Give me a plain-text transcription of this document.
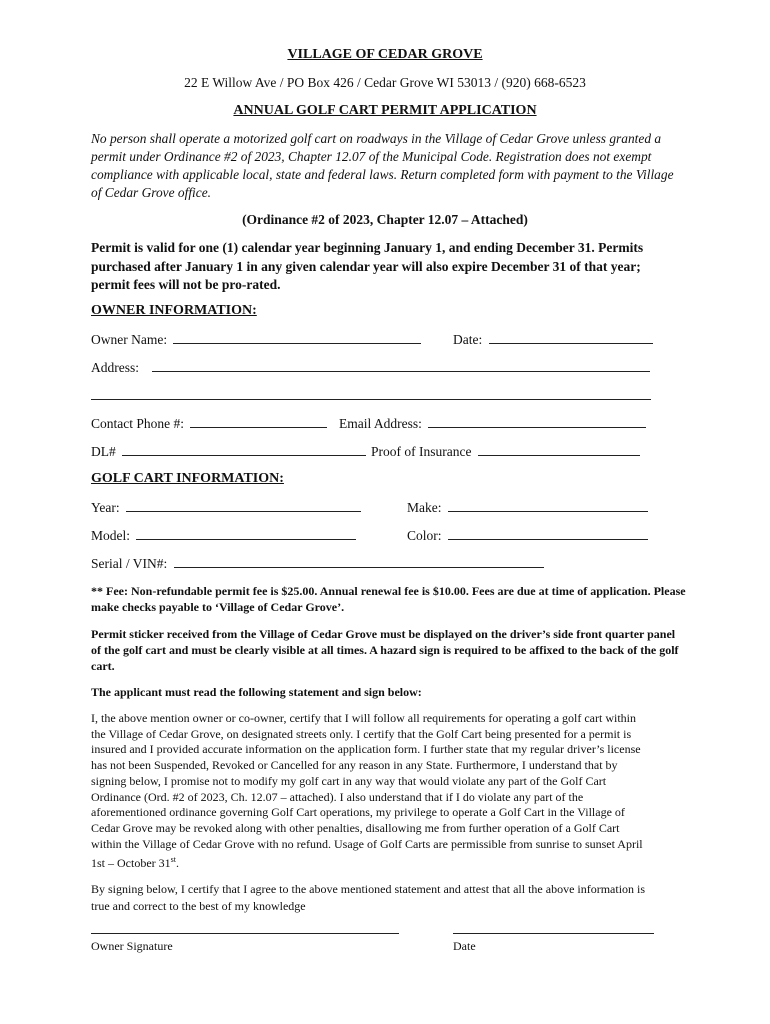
VILLAGE OF CEDAR GROVE
22 E Willow Ave / PO Box 426 / Cedar Grove WI 53013 / (920) 668-6523
ANNUAL GOLF CART PERMIT APPLICATION
No person shall operate a motorized golf cart on roadways in the Village of Cedar Grove unless granted a permit under Ordinance #2 of 2023, Chapter 12.07 of the Municipal Code. Registration does not exempt compliance with applicable local, state and federal laws. Return completed form with payment to the Village of Cedar Grove office.
(Ordinance #2 of 2023, Chapter 12.07 – Attached)
Permit is valid for one (1) calendar year beginning January 1, and ending December 31. Permits purchased after January 1 in any given calendar year will also expire December 31 of that year; permit fees will not be pro-rated.
OWNER INFORMATION:
Owner Name:	Date:
Address:
Contact Phone #:	Email Address:
DL#	Proof of Insurance
GOLF CART INFORMATION:
Year:	Make:
Model:	Color:
Serial / VIN#:
** Fee: Non-refundable permit fee is $25.00. Annual renewal fee is $10.00. Fees are due at time of application. Please make checks payable to ‘Village of Cedar Grove’.
Permit sticker received from the Village of Cedar Grove must be displayed on the driver’s side front quarter panel of the golf cart and must be clearly visible at all times. A hazard sign is required to be affixed to the back of the golf cart.
The applicant must read the following statement and sign below:
I, the above mention owner or co-owner, certify that I will follow all requirements for operating a golf cart within
the Village of Cedar Grove, on designated streets only. I certify that the Golf Cart being presented for a permit is
insured and I provided accurate information on the application form. I further state that my regular driver’s license
has not been Suspended, Revoked or Cancelled for any reason in any State. Furthermore, I understand that by
signing below, I promise not to modify my golf cart in any way that would violate any part of the Golf Cart
Ordinance (Ord. #2 of 2023, Ch. 12.07 – attached). I also understand that if I do violate any part of the
aforementioned ordinance governing Golf Cart operations, my privilege to operate a Golf Cart in the Village of
Cedar Grove may be revoked along with other penalties, disallowing me from further operation of a Golf Cart
within the Village of Cedar Grove with no refund. Usage of Golf Carts are permissible from sunrise to sunset April
1st – October 31st.
By signing below, I certify that I agree to the above mentioned statement and attest that all the above information is
true and correct to the best of my knowledge
Owner Signature	Date
